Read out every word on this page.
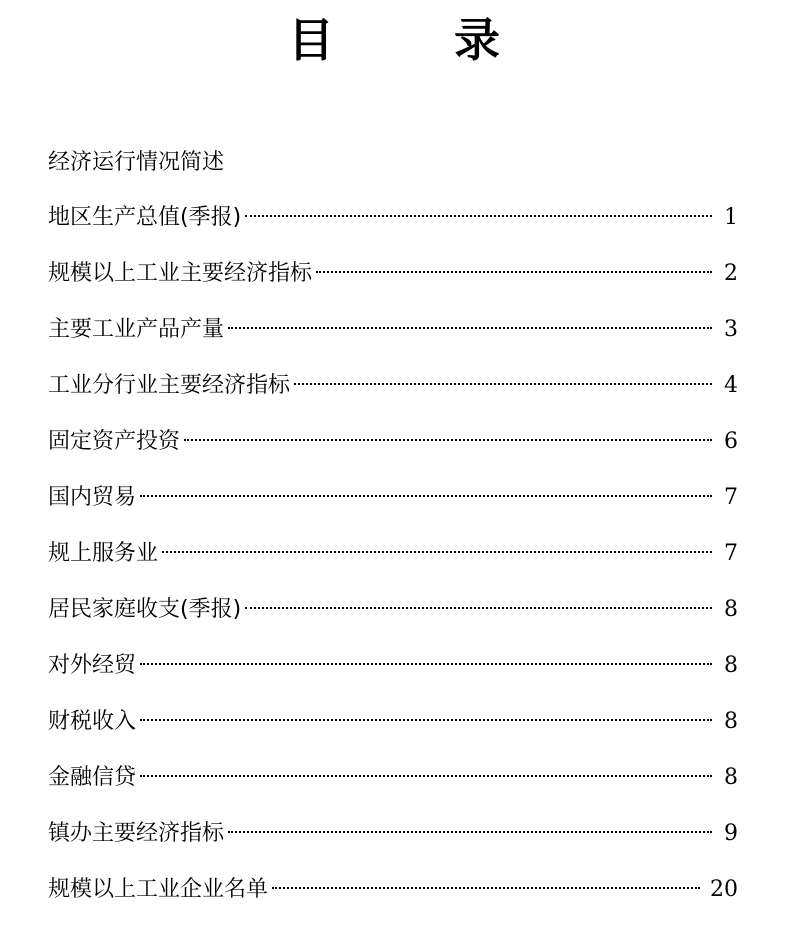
目 录
经济运行情况简述
地区生产总值(季报)	1
规模以上工业主要经济指标	2
主要工业产品产量	3
工业分行业主要经济指标	4
固定资产投资	6
国内贸易	7
规上服务业	7
居民家庭收支(季报)	8
对外经贸	8
财税收入	8
金融信贷	8
镇办主要经济指标	9
规模以上工业企业名单	20
